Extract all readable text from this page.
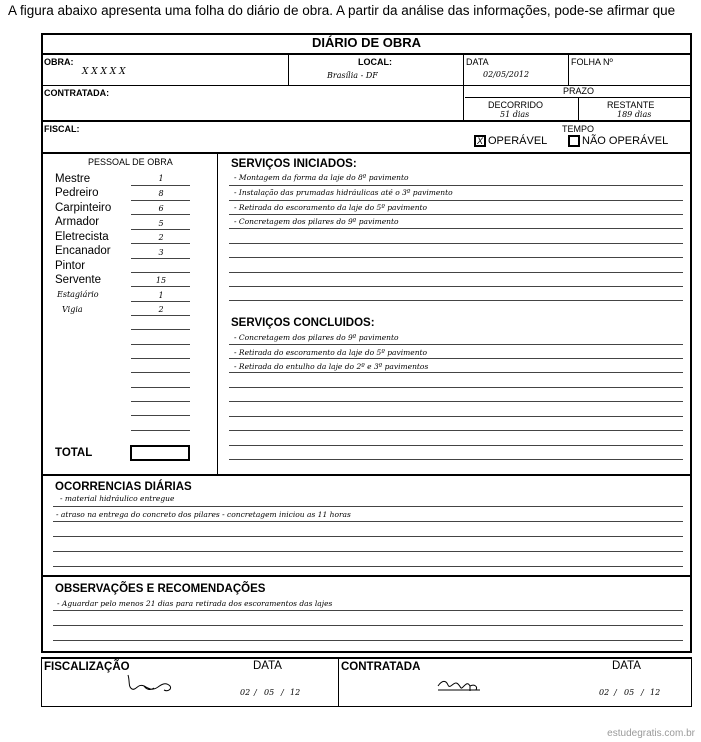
A figura abaixo apresenta uma folha do diário de obra. A partir da análise das informações, pode-se afirmar que
DIÁRIO DE OBRA
OBRA:
X X X X X
LOCAL:
Brasília - DF
DATA
02/05/2012
FOLHA Nº
CONTRATADA:	PRAZO
DECORRIDO
51 dias
RESTANTE
189 dias
FISCAL:	TEMPO
X OPERÁVEL	NÃO OPERÁVEL
PESSOAL DE OBRA
Mestre	1
Pedreiro	8
Carpinteiro	6
Armador	5
Eletrecista	2
Encanador	3
Pintor
Servente	15
Estagiário	1
Vigia	2
TOTAL
SERVIÇOS INICIADOS:
- Montagem da forma da laje do 8º pavimento
- Instalação das prumadas hidráulicas até o 3º pavimento
- Retirada do escoramento da laje do 5º pavimento
- Concretagem dos pilares do 9º pavimento
SERVIÇOS CONCLUIDOS:
- Concretagem dos pilares do 9º pavimento
- Retirada do escoramento da laje do 5º pavimento
- Retirada do entulho da laje do 2º e 3º pavimentos
OCORRENCIAS DIÁRIAS
- material hidráulico entregue
- atraso na entrega do concreto dos pilares - concretagem iniciou as 11 horas
OBSERVAÇÕES E RECOMENDAÇÕES
- Aguardar pelo menos 21 dias para retirada dos escoramentos das lajes
FISCALIZAÇÃO	DATA
02 / 05 / 12
CONTRATADA	DATA
02 / 05 / 12
estudegratis.com.br
